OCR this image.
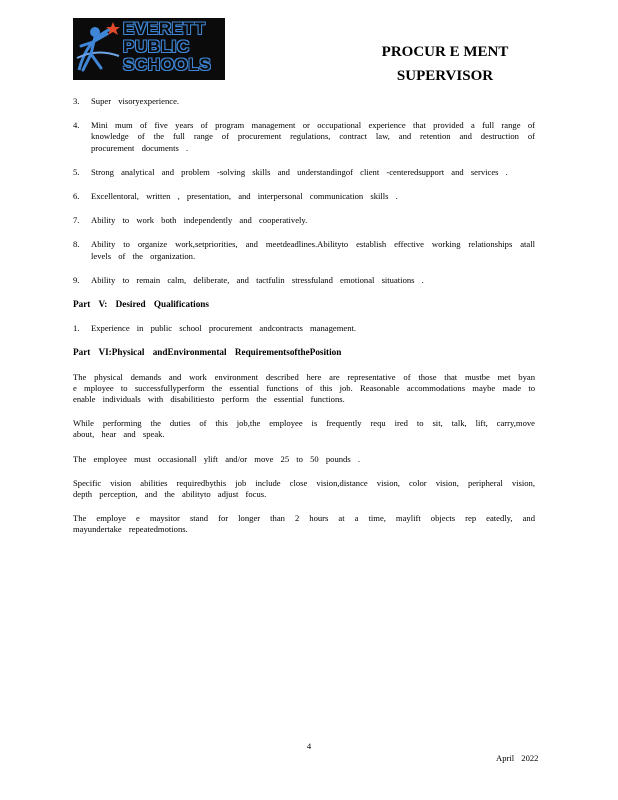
EVERETT
PUBLIC
SCHOOLS
PROCUR E MENT
SUPERVISOR
3.	Super visoryexperience.
4.	Mini mum of five years of program management or occupational experience that provided a full range of knowledge of the full range of procurement regulations, contract law, and retention and destruction of procurement documents .
5.	Strong analytical and problem -solving skills and understandingof client -centeredsupport and services .
6.	Excellentoral, written , presentation, and interpersonal communication skills .
7.	Ability to work both independently and cooperatively.
8.	Ability to organize work,setpriorities, and meetdeadlines.Abilityto establish effective working relationships atall levels of the organization.
9.	Ability to remain calm, deliberate, and tactfulin stressfuland emotional situations .
Part V: Desired Qualifications
1.	Experience in public school procurement andcontracts management.
Part VI:Physical andEnvironmental RequirementsofthePosition
The physical demands and work environment described here are representative of those that mustbe met byan e mployee to successfullyperform the essential functions of this job. Reasonable accommodations maybe made to enable individuals with disabilitiesto perform the essential functions.
While performing the duties of this job,the employee is frequently requ ired to sit, talk, lift, carry,move about, hear and speak.
The employee must occasionall ylift and/or move 25 to 50 pounds .
Specific vision abilities requiredbythis job include close vision,distance vision, color vision, peripheral vision, depth perception, and the abilityto adjust focus.
The employe e maysitor stand for longer than 2 hours at a time, maylift objects rep eatedly, and mayundertake repeatedmotions.
4
April 2022
